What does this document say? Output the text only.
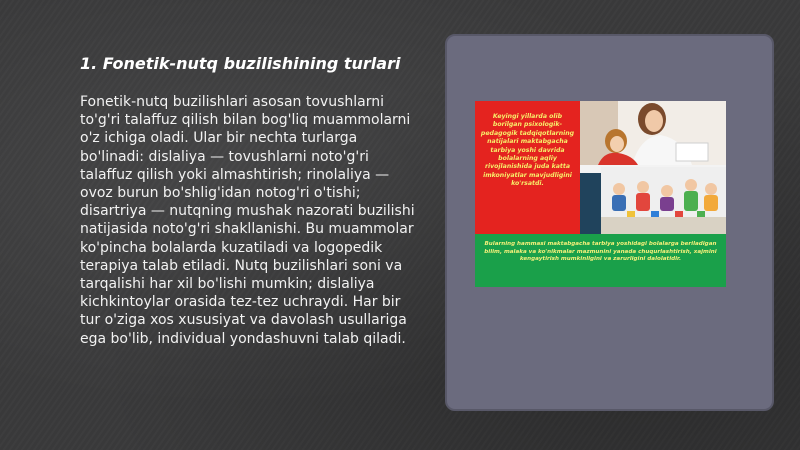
1. Fonetik-nutq buzilishining turlari

Fonetik-nutq buzilishlari asosan tovushlarni to'g'ri talaffuz qilish bilan bog'liq muammolarni o'z ichiga oladi. Ular bir nechta turlarga bo'linadi: dislaliya — tovushlarni noto'g'ri talaffuz qilish yoki almashtirish; rinolaliya — ovoz burun bo'shlig'idan notog'ri o'tishi; disartriya — nutqning mushak nazorati buzilishi natijasida noto'g'ri shakllanishi. Bu muammolar ko'pincha bolalarda kuzatiladi va logopedik terapiya talab etiladi. Nutq buzilishlari soni va tarqalishi har xil bo'lishi mumkin; dislaliya kichkintoylar orasida tez-tez uchraydi. Har bir tur o'ziga xos xususiyat va davolash usullariga ega bo'lib, individual yondashuvni talab qiladi.

Keyingi yillarda olib borilgan psixologik-pedagogik tadqiqotlarning natijalari maktabgacha tarbiya yoshi davrida bolalarning aqliy rivojlanishida juda katta imkoniyatlar mavjudligini ko'rsatdi.
Bularning hammasi maktabgacha tarbiya yoshidagi bolalarga beriladigan bilim, malaka va ko'nikmalar mazmunini yanada chuqurlashtirish, xajmini kengaytirish mumkinligini va zarurligini dalolatidir.
